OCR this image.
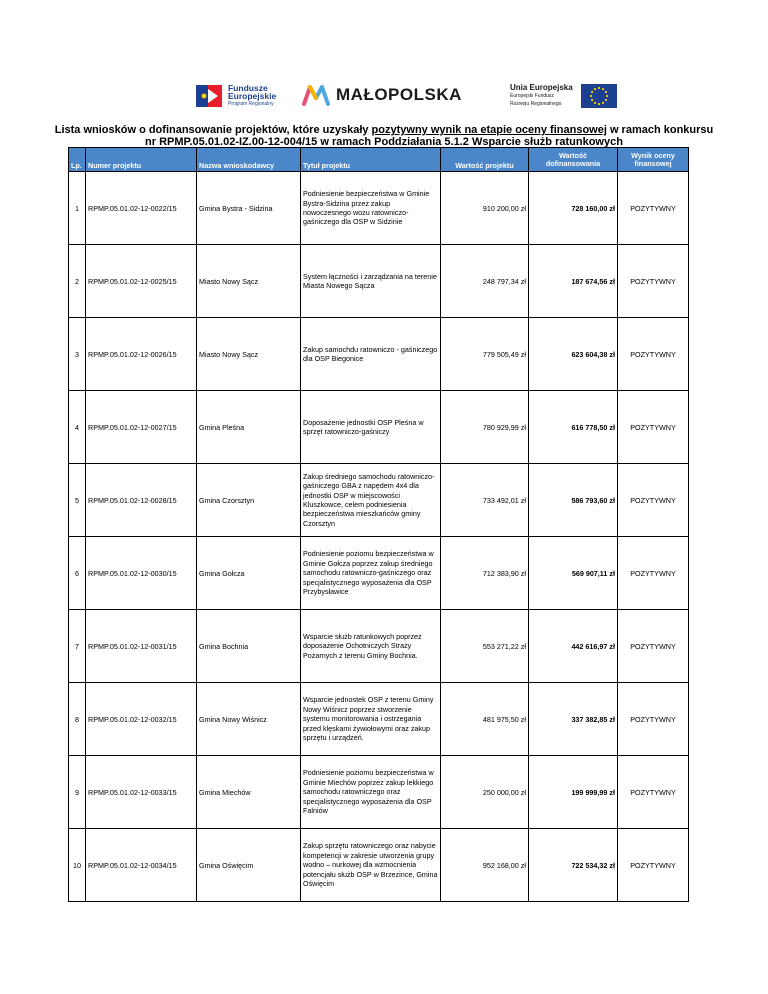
Fundusze
Europejskie
Program Regionalny	MAŁOPOLSKA	Unia Europejska
Europejski Fundusz
Rozwoju Regionalnego
Lista wniosków o dofinansowanie projektów, które uzyskały pozytywny wynik na etapie oceny finansowej w ramach konkursu
nr RPMP.05.01.02-IZ.00-12-004/15 w ramach Poddziałania 5.1.2 Wsparcie służb ratunkowych
Lp.	Numer projektu	Nazwa wnioskodawcy	Tytuł projektu	Wartość projektu	Wartość dofinansowania	Wynik oceny finansowej
1	RPMP.05.01.02-12-0022/15	Gmina Bystra - Sidzina	Podniesienie bezpieczeństwa w Gminie Bystra-Sidzina przez zakup nowoczesnego wozu ratowniczo-gaśniczego dla OSP w Sidzinie	910 200,00 zł	728 160,00 zł	POZYTYWNY
2	RPMP.05.01.02-12-0025/15	Miasto Nowy Sącz	System łączności i zarządzania na terenie Miasta Nowego Sącza	248 797,34 zł	187 674,56 zł	POZYTYWNY
3	RPMP.05.01.02-12-0026/15	Miasto Nowy Sącz	Zakup samochdu ratowniczo - gaśniczego dla OSP Biegonice	779 505,49 zł	623 604,38 zł	POZYTYWNY
4	RPMP.05.01.02-12-0027/15	Gmina Pleśna	Doposażenie jednostki OSP Pleśna w sprzęt ratowniczo-gaśniczy	780 929,99 zł	616 778,50 zł	POZYTYWNY
5	RPMP.05.01.02-12-0028/15	Gmina Czorsztyn	Zakup średniego samochodu ratowniczo-gaśniczego GBA z napędem 4x4 dla jednostki OSP w miejscowości Kluszkowce, celem podniesienia bezpieczeństwa mieszkańców gminy Czorsztyn	733 492,01 zł	586 793,60 zł	POZYTYWNY
6	RPMP.05.01.02-12-0030/15	Gmina Gołcza	Podniesienie poziomu bezpieczeństwa w Gminie Gołcza poprzez zakup średniego samochodu ratowniczo-gaśniczego oraz specjalistycznego wyposażenia dla OSP Przybysławice	712 383,90 zł	569 907,11 zł	POZYTYWNY
7	RPMP.05.01.02-12-0031/15	Gmina Bochnia	Wsparcie służb ratunkowych poprzez doposażenie Ochotniczych Straży Pożarnych z terenu Gminy Bochnia.	553 271,22 zł	442 616,97 zł	POZYTYWNY
8	RPMP.05.01.02-12-0032/15	Gmina Nowy Wiśnicz	Wsparcie jednostek OSP z terenu Gminy Nowy Wiśnicz poprzez stworzenie systemu monitorowania i ostrzegania przed klęskami żywiołowymi oraz zakup sprzętu i urządzeń.	481 975,50 zł	337 382,85 zł	POZYTYWNY
9	RPMP.05.01.02-12-0033/15	Gmina Miechów	Podniesienie poziomu bezpieczeństwa w Gminie Miechów poprzez zakup lekkiego samochodu ratowniczego oraz specjalistycznego wyposażenia dla OSP Falniów	250 000,00 zł	199 999,99 zł	POZYTYWNY
10	RPMP.05.01.02-12-0034/15	Gmina Oświęcim	Zakup sprzętu ratowniczego oraz nabycie kompetencji w zakresie utworzenia grupy wodno – nurkowej dla wzmocnienia potencjału służb OSP w Brzezince, Gmina Oświęcim	952 168,00 zł	722 534,32 zł	POZYTYWNY
